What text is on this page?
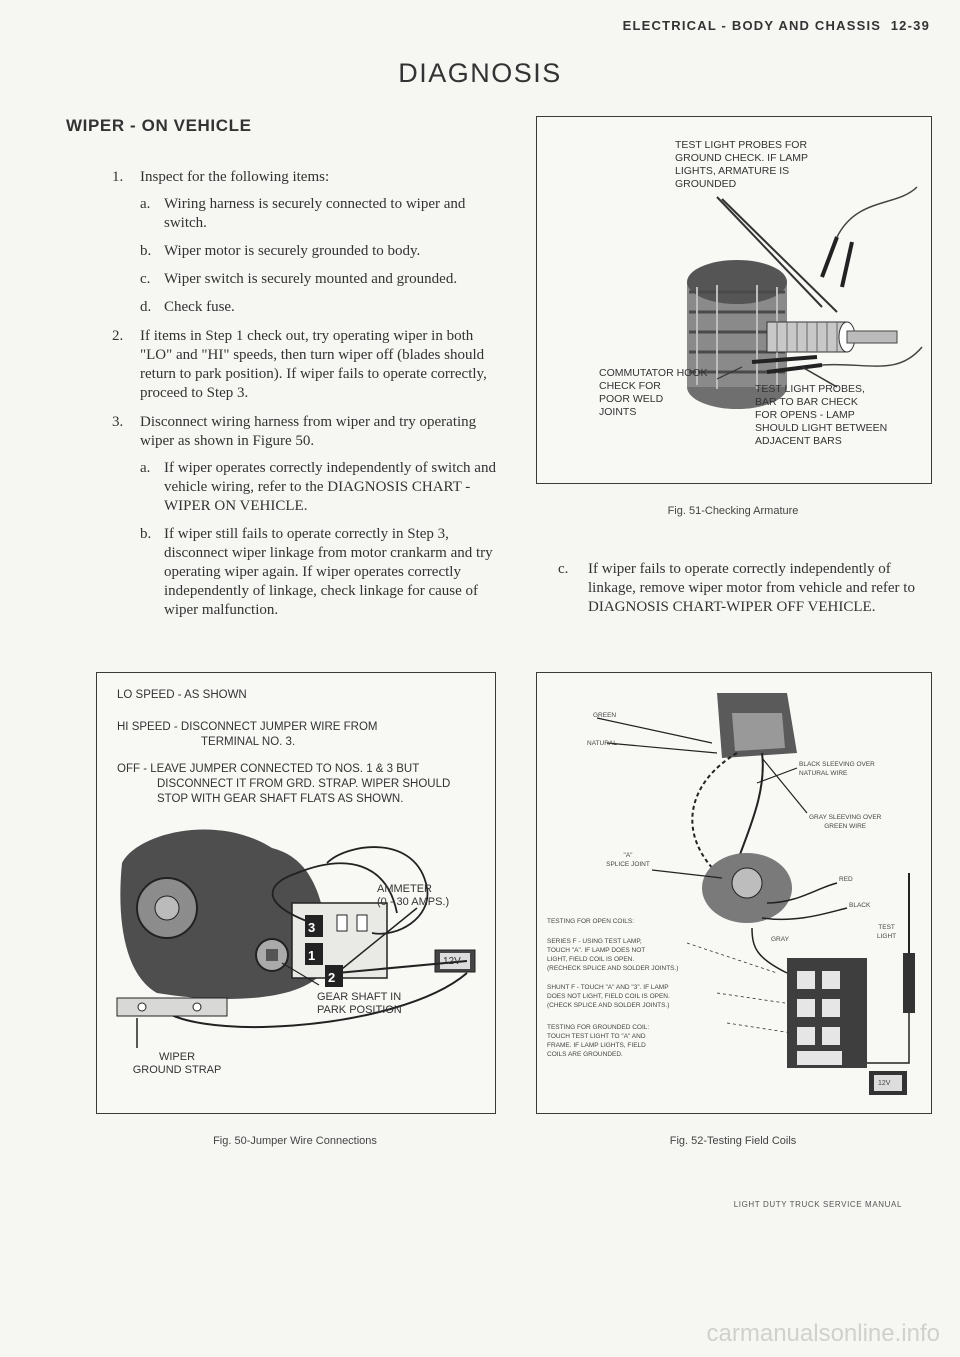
ELECTRICAL - BODY AND CHASSIS 12-39
DIAGNOSIS
WIPER - ON VEHICLE
1. Inspect for the following items:
a. Wiring harness is securely connected to wiper and switch.
b. Wiper motor is securely grounded to body.
c. Wiper switch is securely mounted and grounded.
d. Check fuse.
2. If items in Step 1 check out, try operating wiper in both "LO" and "HI" speeds, then turn wiper off (blades should return to park position). If wiper fails to operate correctly, proceed to Step 3.
3. Disconnect wiring harness from wiper and try operating wiper as shown in Figure 50.
a. If wiper operates correctly independently of switch and vehicle wiring, refer to the DIAGNOSIS CHART - WIPER ON VEHICLE.
b. If wiper still fails to operate correctly in Step 3, disconnect wiper linkage from motor crankarm and try operating wiper again. If wiper operates correctly independently of linkage, check linkage for cause of wiper malfunction.
c. If wiper fails to operate correctly independently of linkage, remove wiper motor from vehicle and refer to DIAGNOSIS CHART-WIPER OFF VEHICLE.
TEST LIGHT PROBES FOR
GROUND CHECK. IF LAMP
LIGHTS, ARMATURE IS
GROUNDED
COMMUTATOR HOOK
CHECK FOR
POOR WELD
JOINTS
TEST LIGHT PROBES,
BAR TO BAR CHECK
FOR OPENS - LAMP
SHOULD LIGHT BETWEEN
ADJACENT BARS
Fig. 51-Checking Armature
LO SPEED - AS SHOWN
HI SPEED - DISCONNECT JUMPER WIRE FROM
TERMINAL NO. 3.
OFF - LEAVE JUMPER CONNECTED TO NOS. 1 & 3 BUT
DISCONNECT IT FROM GRD. STRAP. WIPER SHOULD
STOP WITH GEAR SHAFT FLATS AS SHOWN.
3
1
2
12V
AMMETER
(0 - 30 AMPS.)
GEAR SHAFT IN
PARK POSITION
WIPER
GROUND STRAP
Fig. 50-Jumper Wire Connections
GREEN
NATURAL
BLACK SLEEVING OVER
NATURAL WIRE
GRAY SLEEVING OVER
GREEN WIRE
"A"
SPLICE JOINT
RED
BLACK
GRAY
TEST
LIGHT
12V
TESTING FOR OPEN COILS:
SERIES F - USING TEST LAMP,
TOUCH "A". IF LAMP DOES NOT
LIGHT, FIELD COIL IS OPEN.
(RECHECK SPLICE AND SOLDER JOINTS.)
SHUNT F - TOUCH "A" AND "3". IF LAMP
DOES NOT LIGHT, FIELD COIL IS OPEN.
(CHECK SPLICE AND SOLDER JOINTS.)
TESTING FOR GROUNDED COIL:
TOUCH TEST LIGHT TO "A" AND
FRAME. IF LAMP LIGHTS, FIELD
COILS ARE GROUNDED.
Fig. 52-Testing Field Coils
LIGHT DUTY TRUCK SERVICE MANUAL
carmanualsonline.info
